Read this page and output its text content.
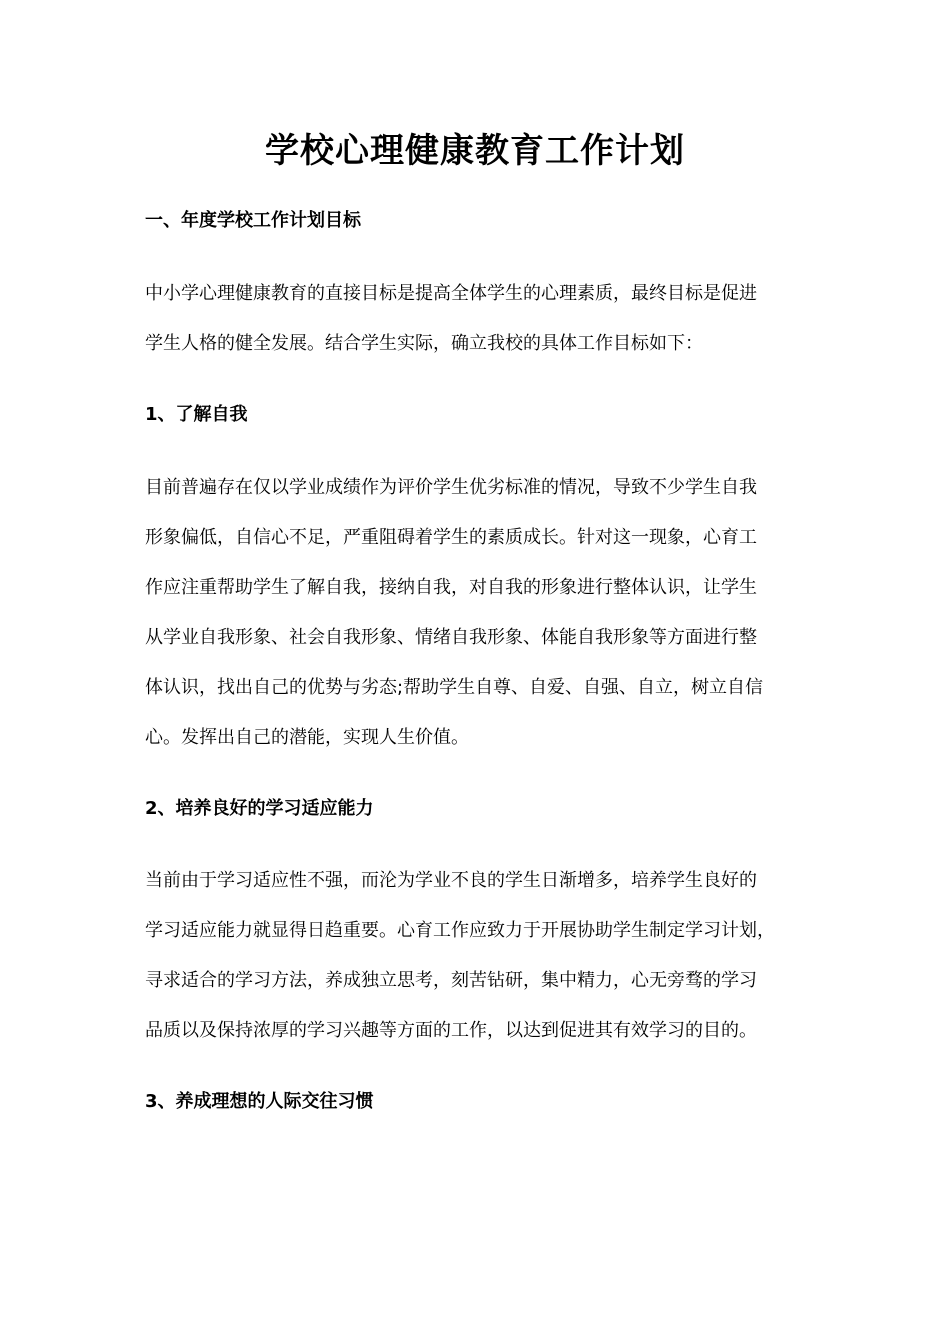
学校心理健康教育工作计划
一、年度学校工作计划目标
中小学心理健康教育的直接目标是提高全体学生的心理素质，最终目标是促进
学生人格的健全发展。结合学生实际，确立我校的具体工作目标如下：
1、了解自我
目前普遍存在仅以学业成绩作为评价学生优劣标准的情况，导致不少学生自我
形象偏低，自信心不足，严重阻碍着学生的素质成长。针对这一现象，心育工
作应注重帮助学生了解自我，接纳自我，对自我的形象进行整体认识，让学生
从学业自我形象、社会自我形象、情绪自我形象、体能自我形象等方面进行整
体认识，找出自己的优势与劣态;帮助学生自尊、自爱、自强、自立，树立自信
心。发挥出自己的潜能，实现人生价值。
2、培养良好的学习适应能力
当前由于学习适应性不强，而沦为学业不良的学生日渐增多，培养学生良好的
学习适应能力就显得日趋重要。心育工作应致力于开展协助学生制定学习计划，
寻求适合的学习方法，养成独立思考，刻苦钻研，集中精力，心无旁骛的学习
品质以及保持浓厚的学习兴趣等方面的工作，以达到促进其有效学习的目的。
3、养成理想的人际交往习惯
